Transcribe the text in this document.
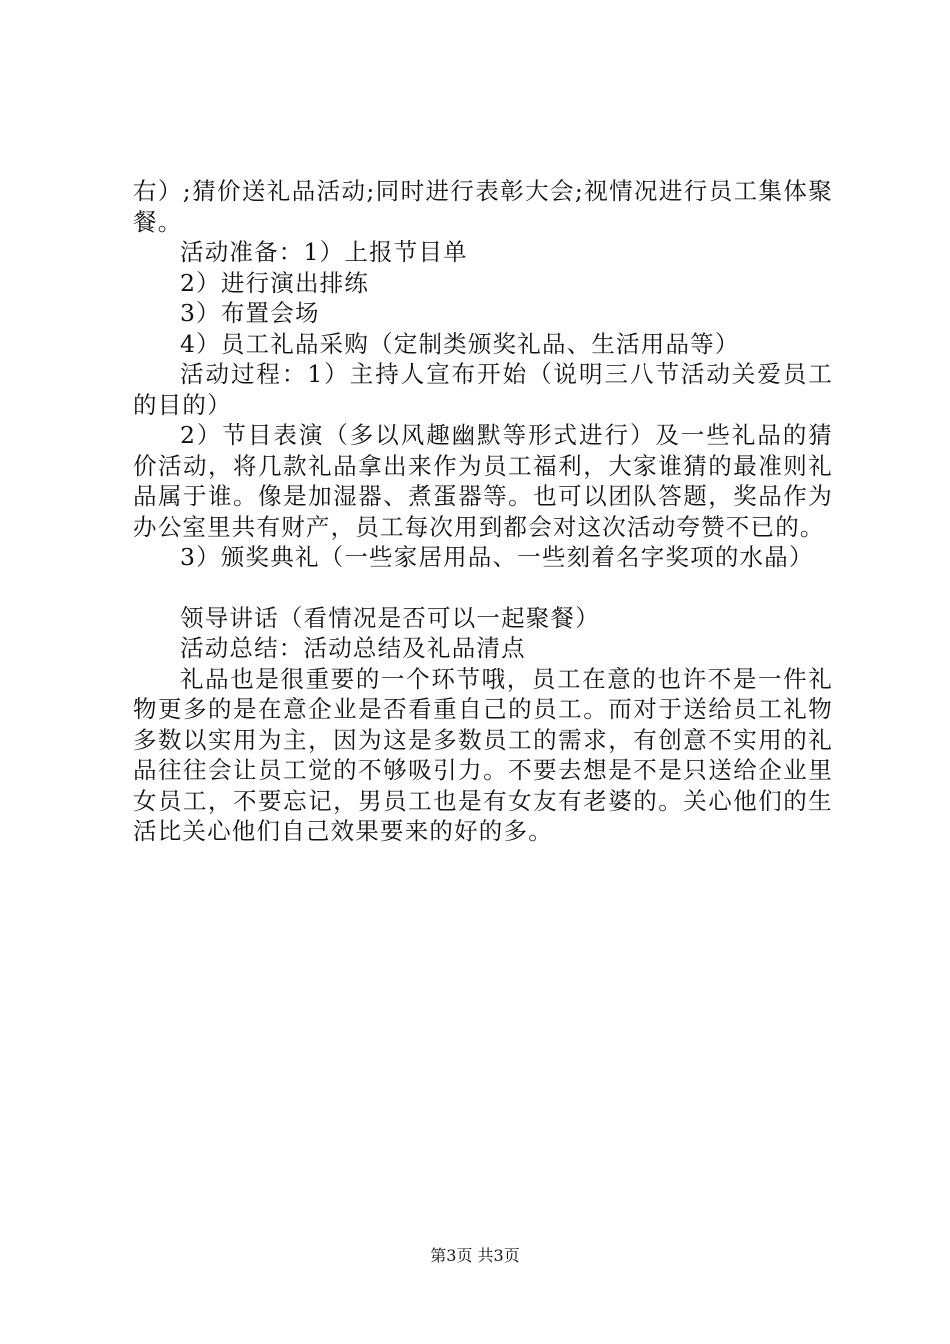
右）;猜价送礼品活动;同时进行表彰大会;视情况进行员工集体聚餐。

活动准备：1）上报节目单

2）进行演出排练

3）布置会场

4）员工礼品采购（定制类颁奖礼品、生活用品等）

活动过程：1）主持人宣布开始（说明三八节活动关爱员工的目的）

2）节目表演（多以风趣幽默等形式进行）及一些礼品的猜价活动，将几款礼品拿出来作为员工福利，大家谁猜的最准则礼品属于谁。像是加湿器、煮蛋器等。也可以团队答题，奖品作为办公室里共有财产，员工每次用到都会对这次活动夸赞不已的。

3）颁奖典礼（一些家居用品、一些刻着名字奖项的水晶）

领导讲话（看情况是否可以一起聚餐）

活动总结：活动总结及礼品清点

礼品也是很重要的一个环节哦，员工在意的也许不是一件礼物更多的是在意企业是否看重自己的员工。而对于送给员工礼物多数以实用为主，因为这是多数员工的需求，有创意不实用的礼品往往会让员工觉的不够吸引力。不要去想是不是只送给企业里女员工，不要忘记，男员工也是有女友有老婆的。关心他们的生活比关心他们自己效果要来的好的多。

第3页 共3页
